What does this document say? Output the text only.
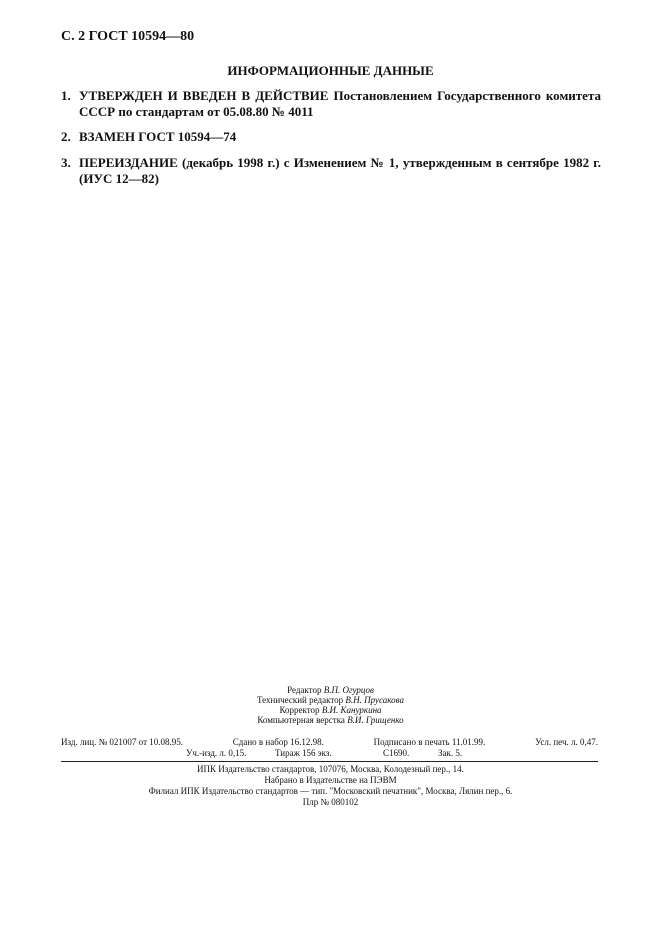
С. 2 ГОСТ 10594—80
ИНФОРМАЦИОННЫЕ ДАННЫЕ
1. УТВЕРЖДЕН И ВВЕДЕН В ДЕЙСТВИЕ Постановлением Государственного комитета СССР по стандартам от 05.08.80 № 4011
2. ВЗАМЕН ГОСТ 10594—74
3. ПЕРЕИЗДАНИЕ (декабрь 1998 г.) с Изменением № 1, утвержденным в сентябре 1982 г. (ИУС 12—82)
Редактор В.П. Огурцов
Технический редактор В.Н. Прусакова
Корректор В.И. Кануркина
Компьютерная верстка В.И. Грищенко
Изд. лиц. № 021007 от 10.08.95.	Сдано в набор 16.12.98.	Подписано в печать 11.01.99.	Усл. печ. л. 0,47.
Уч.-изд. л. 0,15.	Тираж 156 экз.	С1690.	Зак. 5.
ИПК Издательство стандартов, 107076, Москва, Колодезный пер., 14.
Набрано в Издательстве на ПЭВМ
Филиал ИПК Издательство стандартов — тип. "Московский печатник", Москва, Лялин пер., 6.
Плр № 080102
